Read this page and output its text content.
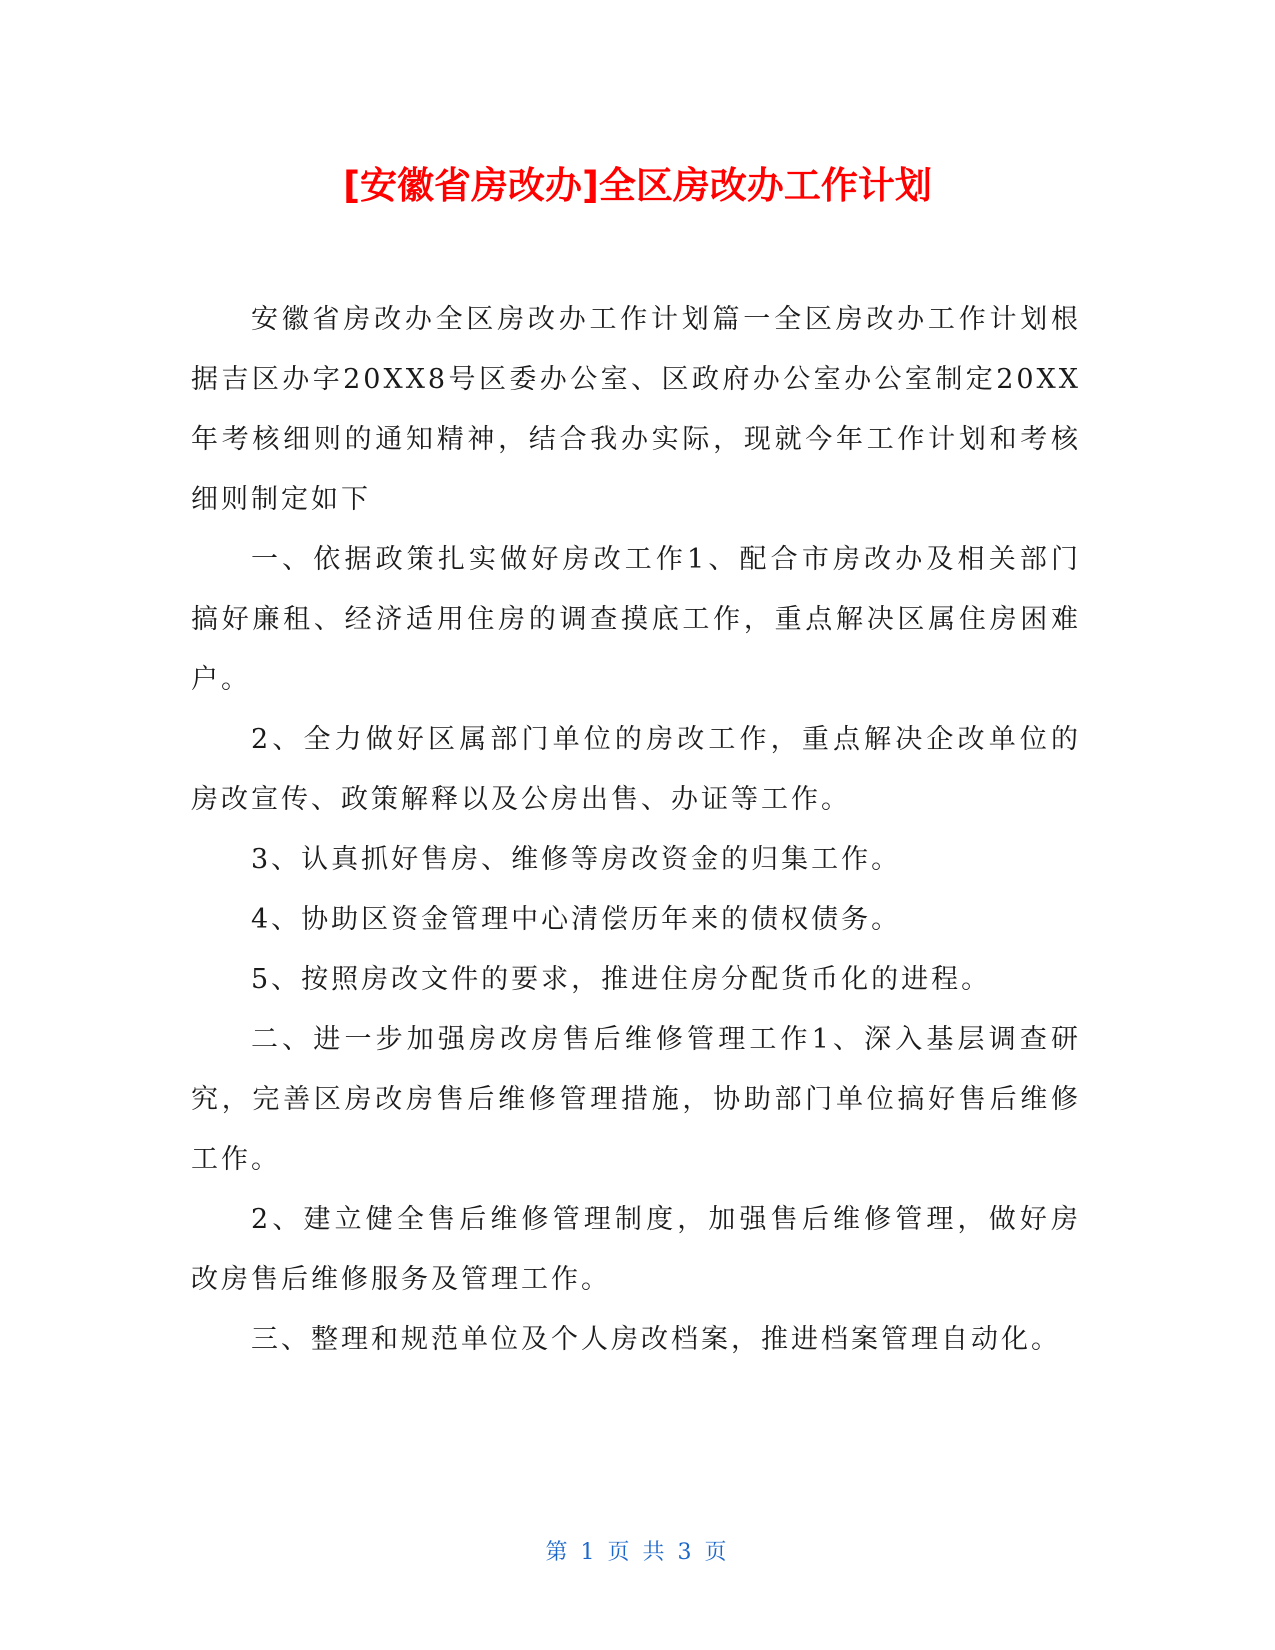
[安徽省房改办]全区房改办工作计划

安徽省房改办全区房改办工作计划篇一全区房改办工作计划根据吉区办字20XX8号区委办公室、区政府办公室办公室制定20XX年考核细则的通知精神，结合我办实际，现就今年工作计划和考核细则制定如下

一、依据政策扎实做好房改工作1、配合市房改办及相关部门搞好廉租、经济适用住房的调查摸底工作，重点解决区属住房困难户。

2、全力做好区属部门单位的房改工作，重点解决企改单位的房改宣传、政策解释以及公房出售、办证等工作。

3、认真抓好售房、维修等房改资金的归集工作。

4、协助区资金管理中心清偿历年来的债权债务。

5、按照房改文件的要求，推进住房分配货币化的进程。

二、进一步加强房改房售后维修管理工作1、深入基层调查研究，完善区房改房售后维修管理措施，协助部门单位搞好售后维修工作。

2、建立健全售后维修管理制度，加强售后维修管理，做好房改房售后维修服务及管理工作。

三、整理和规范单位及个人房改档案，推进档案管理自动化。

第 1 页 共 3 页
